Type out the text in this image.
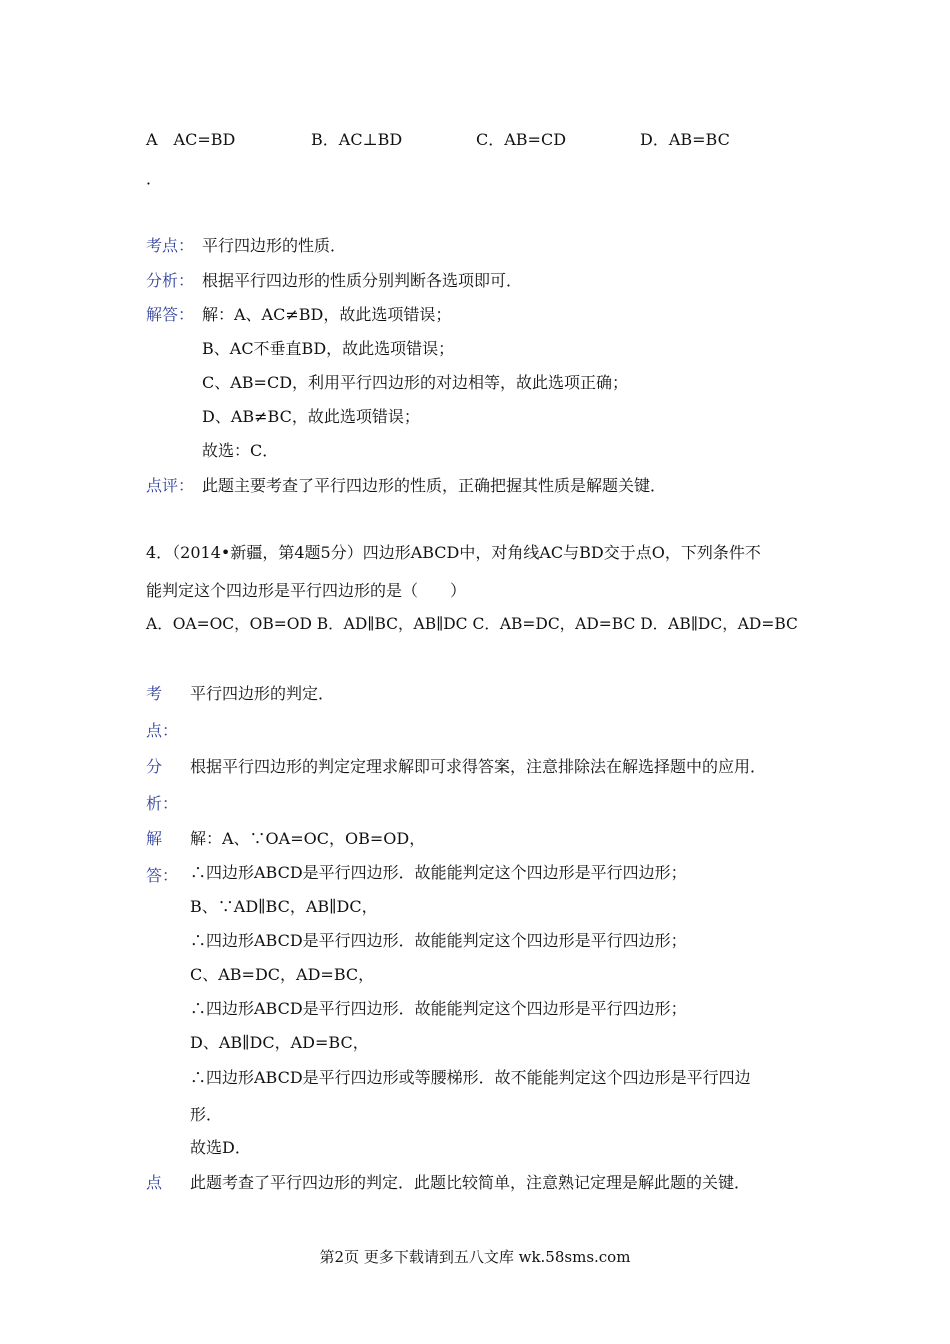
A　AC=BD	B．AC⊥BD	C．AB=CD	D．AB=BC
．
考点： 平行四边形的性质．
分析： 根据平行四边形的性质分别判断各选项即可．
解答： 解：A、AC≠BD，故此选项错误；
B、AC不垂直BD，故此选项错误；
C、AB=CD，利用平行四边形的对边相等，故此选项正确；
D、AB≠BC，故此选项错误；
故选：C．
点评： 此题主要考查了平行四边形的性质，正确把握其性质是解题关键．
4．（2014•新疆，第4题5分）四边形ABCD中，对角线AC与BD交于点O，下列条件不
能判定这个四边形是平行四边形的是（　　）
A．OA=OC，OB=OD B．AD∥BC，AB∥DC C．AB=DC，AD=BC D．AB∥DC，AD=BC
考
点：
平行四边形的判定．
分
析：
根据平行四边形的判定定理求解即可求得答案，注意排除法在解选择题中的应用．
解
答：
解：A、∵OA=OC，OB=OD，
∴四边形ABCD是平行四边形．故能能判定这个四边形是平行四边形；
B、∵AD∥BC，AB∥DC，
∴四边形ABCD是平行四边形．故能能判定这个四边形是平行四边形；
C、AB=DC，AD=BC，
∴四边形ABCD是平行四边形．故能能判定这个四边形是平行四边形；
D、AB∥DC，AD=BC，
∴四边形ABCD是平行四边形或等腰梯形．故不能能判定这个四边形是平行四边
形．
故选D．
点 此题考查了平行四边形的判定．此题比较简单，注意熟记定理是解此题的关键．
第2页 更多下载请到五八文库 wk.58sms.com
